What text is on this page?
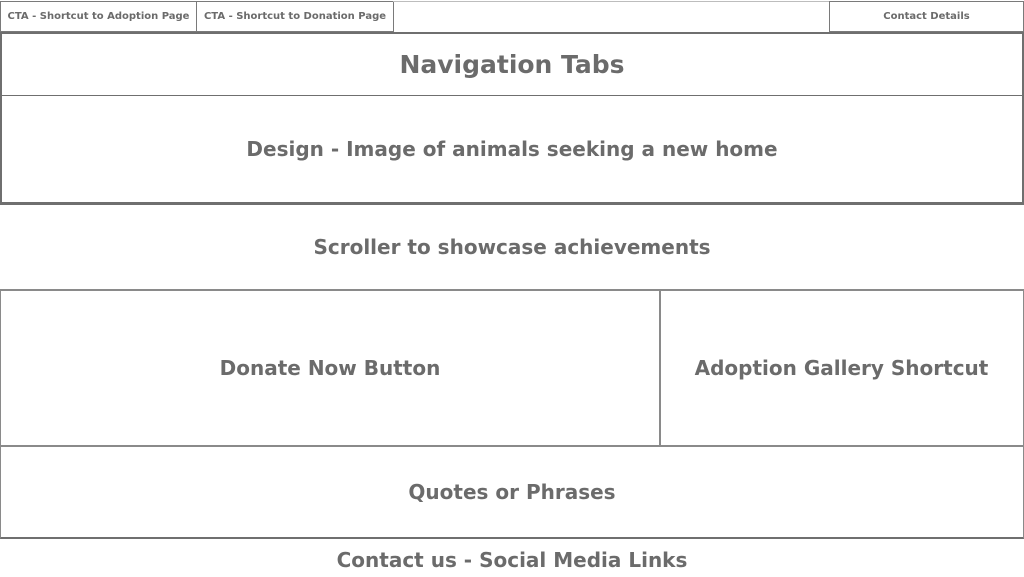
CTA - Shortcut to Adoption Page CTA - Shortcut to Donation Page	Contact Details
Navigation Tabs
Design - Image of animals seeking a new home
Scroller to showcase achievements
Donate Now Button	Adoption Gallery Shortcut
Quotes or Phrases
Contact us - Social Media Links
